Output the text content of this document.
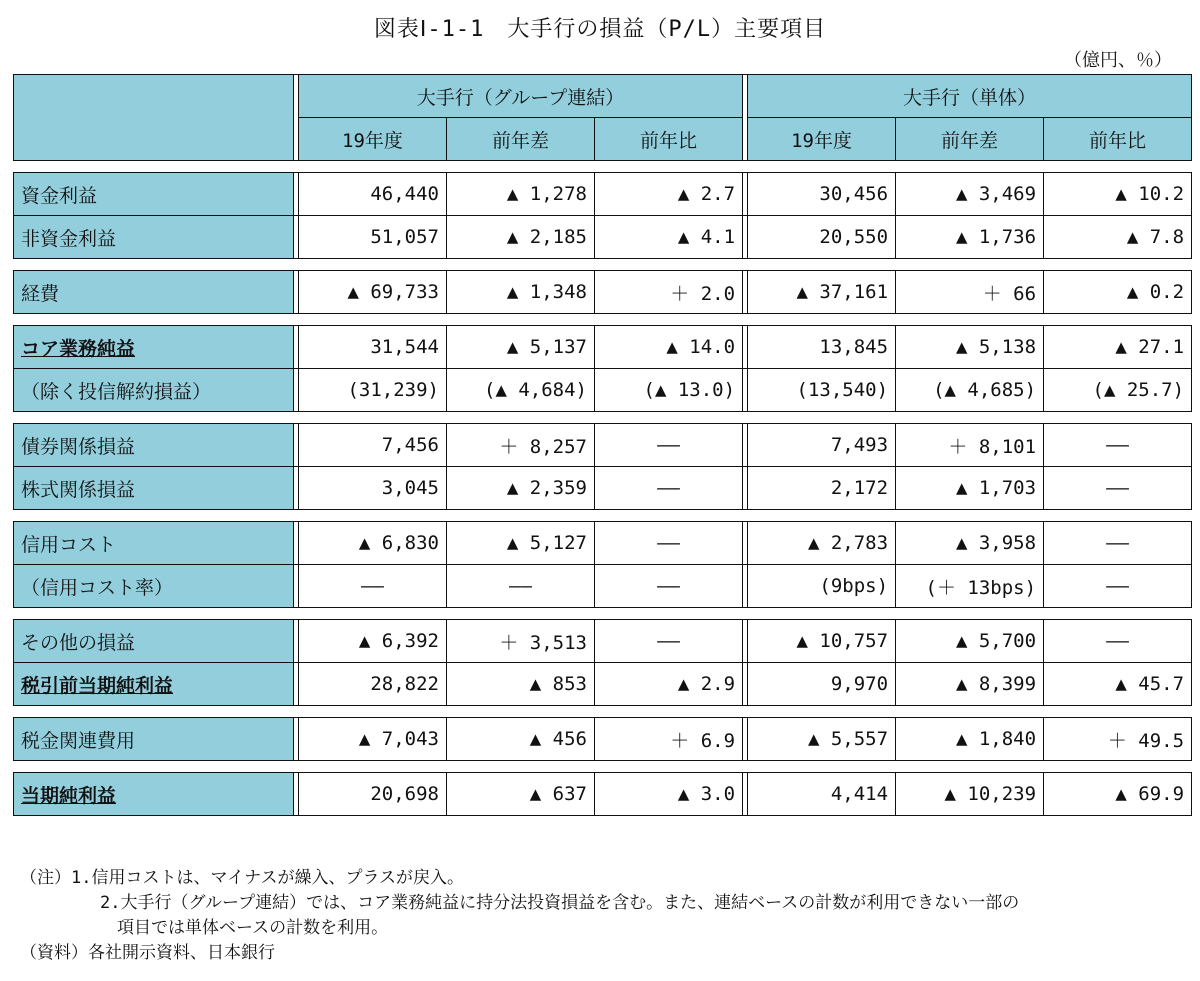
図表Ⅰ-1-1　大手行の損益（P/L）主要項目
（億円、％）
		大手行（グループ連結）				大手行（単体）		
		19年度	前年差	前年比		19年度	前年差	前年比

資金利益		46,440	▲ 1,278	▲ 2.7		30,456	▲ 3,469	▲ 10.2
非資金利益		51,057	▲ 2,185	▲ 4.1		20,550	▲ 1,736	▲ 7.8

経費		▲ 69,733	▲ 1,348	＋ 2.0		▲ 37,161	＋ 66	▲ 0.2

コア業務純益		31,544	▲ 5,137	▲ 14.0		13,845	▲ 5,138	▲ 27.1
（除く投信解約損益）		(31,239)	(▲ 4,684)	(▲ 13.0)		(13,540)	(▲ 4,685)	(▲ 25.7)

債券関係損益		7,456	＋ 8,257	――		7,493	＋ 8,101	――
株式関係損益		3,045	▲ 2,359	――		2,172	▲ 1,703	――

信用コスト		▲ 6,830	▲ 5,127	――		▲ 2,783	▲ 3,958	――
（信用コスト率）		――	――	――		(9bps)	(＋ 13bps)	――

その他の損益		▲ 6,392	＋ 3,513	――		▲ 10,757	▲ 5,700	――
税引前当期純利益		28,822	▲ 853	▲ 2.9		9,970	▲ 8,399	▲ 45.7

税金関連費用		▲ 7,043	▲ 456	＋ 6.9		▲ 5,557	▲ 1,840	＋ 49.5

当期純利益		20,698	▲ 637	▲ 3.0		4,414	▲ 10,239	▲ 69.9
（注）1.信用コストは、マイナスが繰入、プラスが戻入。
2.大手行（グループ連結）では、コア業務純益に持分法投資損益を含む。また、連結ベースの計数が利用できない一部の
項目では単体ベースの計数を利用。
（資料）各社開示資料、日本銀行
